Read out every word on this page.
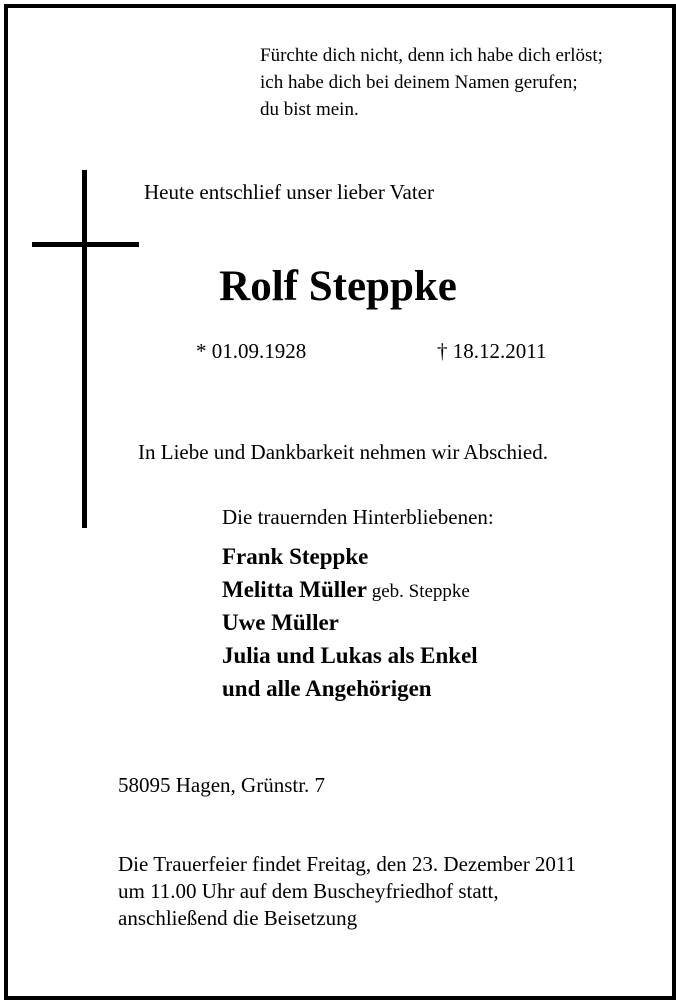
Fürchte dich nicht, denn ich habe dich erlöst;
ich habe dich bei deinem Namen gerufen;
du bist mein.
Heute entschlief unser lieber Vater
Rolf Steppke
* 01.09.1928	† 18.12.2011
In Liebe und Dankbarkeit nehmen wir Abschied.
Die trauernden Hinterbliebenen:
Frank Steppke
Melitta Müller geb. Steppke
Uwe Müller
Julia und Lukas als Enkel
und alle Angehörigen
58095 Hagen, Grünstr. 7
Die Trauerfeier findet Freitag, den 23. Dezember 2011
um 11.00 Uhr auf dem Buscheyfriedhof statt,
anschließend die Beisetzung
